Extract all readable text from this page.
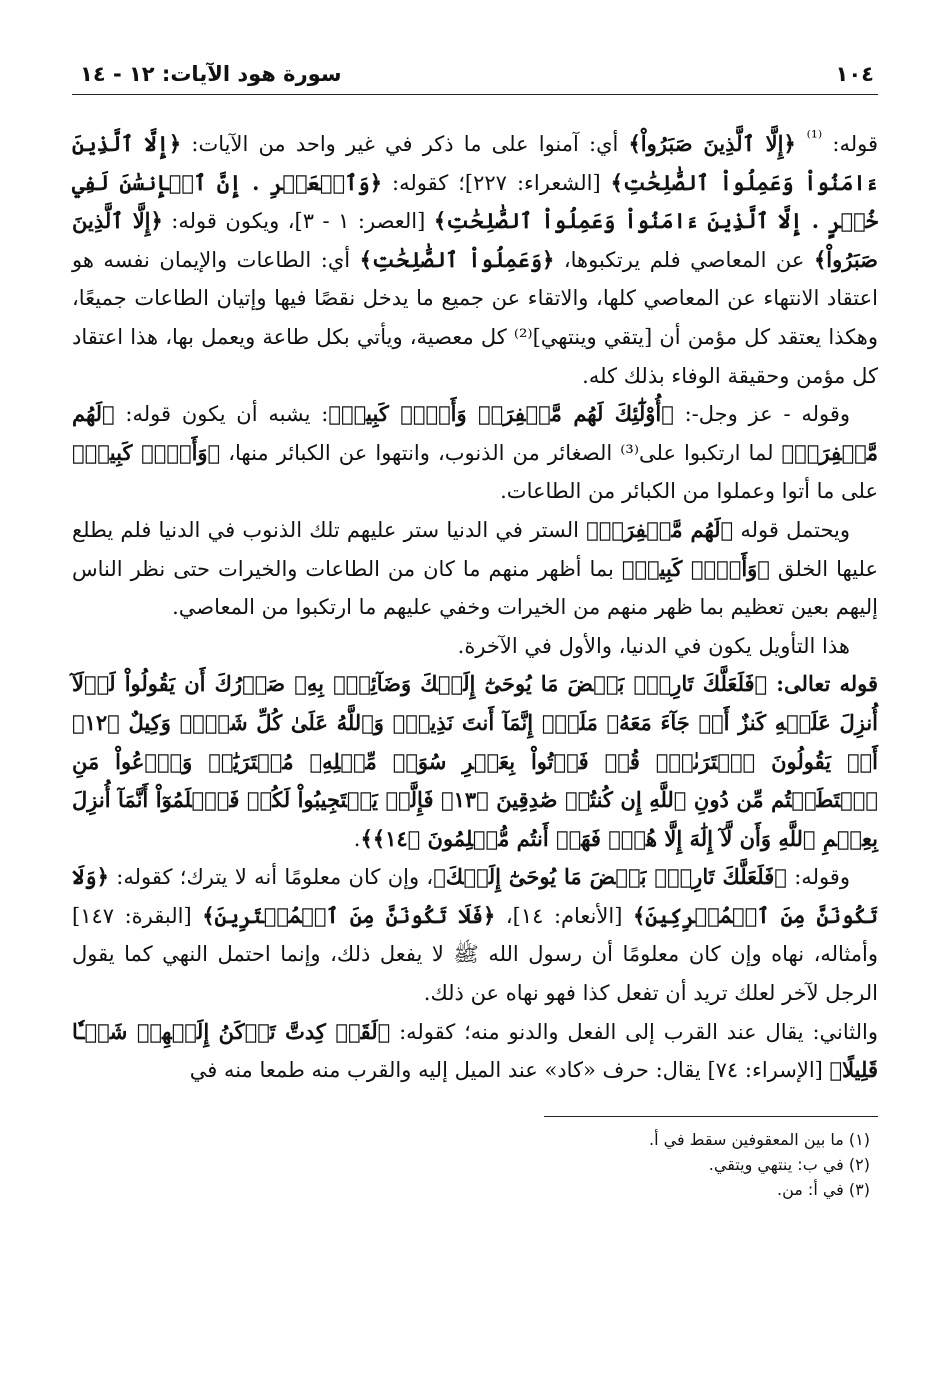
١٠٤
سورة هود الآيات: ١٢ - ١٤

قوله: $^{^{(1)}}$ ﴿إِلَّا ٱلَّذِينَ صَبَرُواْ﴾ أي: آمنوا على ما ذكر في غير واحد من الآيات: ﴿إِلَّا ٱلَّذِينَ ءَامَنُواْ وَعَمِلُواْ ٱلصَّٰلِحَٰتِ﴾ [الشعراء: ٢٢٧]؛ كقوله: ﴿وَٱلۡعَصۡرِ . إِنَّ ٱلۡإِنسَٰنَ لَفِي خُسۡرٍ . إِلَّا ٱلَّذِينَ ءَامَنُواْ وَعَمِلُواْ ٱلصَّٰلِحَٰتِ﴾ [العصر: ١ - ٣]، ويكون قوله: ﴿إِلَّا ٱلَّذِينَ صَبَرُواْ﴾ عن المعاصي فلم يرتكبوها، ﴿وَعَمِلُواْ ٱلصَّٰلِحَٰتِ﴾ أي: الطاعات والإيمان نفسه هو اعتقاد الانتهاء عن المعاصي كلها، والاتقاء عن جميع ما يدخل نقصًا فيها وإتيان الطاعات جميعًا، وهكذا يعتقد كل مؤمن أن [يتقي وينتهي]⁽²⁾ كل معصية، ويأتي بكل طاعة ويعمل بها، هذا اعتقاد كل مؤمن وحقيقة الوفاء بذلك كله.

وقوله - عز وجل-: ﴿أُوْلَٰٓئِكَ لَهُم مَّغۡفِرَةٞ وَأَجۡرٞ كَبِيرٞ﴾: يشبه أن يكون قوله: ﴿لَهُم مَّغۡفِرَةٞ﴾ لما ارتكبوا على⁽³⁾ الصغائر من الذنوب، وانتهوا عن الكبائر منها، ﴿وَأَجۡرٞ كَبِيرٞ﴾ على ما أتوا وعملوا من الكبائر من الطاعات.

ويحتمل قوله ﴿لَهُم مَّغۡفِرَةٞ﴾ الستر في الدنيا ستر عليهم تلك الذنوب في الدنيا فلم يطلع عليها الخلق ﴿وَأَجۡرٞ كَبِيرٞ﴾ بما أظهر منهم ما كان من الطاعات والخيرات حتى نظر الناس إليهم بعين تعظيم بما ظهر منهم من الخيرات وخفي عليهم ما ارتكبوا من المعاصي.

هذا التأويل يكون في الدنيا، والأول في الآخرة.

قوله تعالى: ﴿فَلَعَلَّكَ تَارِكُۢ بَعۡضَ مَا يُوحَىٰٓ إِلَيۡكَ وَضَآئِقُۢ بِهِۦ صَدۡرُكَ أَن يَقُولُواْ لَوۡلَآ أُنزِلَ عَلَيۡهِ كَنزٌ أَوۡ جَآءَ مَعَهُۥ مَلَكٌۚ إِنَّمَآ أَنتَ نَذِيرٞۚ وَٱللَّهُ عَلَىٰ كُلِّ شَيۡءٖ وَكِيلٌ ﴿١٢﴾ أَمۡ يَقُولُونَ ٱفۡتَرَىٰهُۖ قُلۡ فَأۡتُواْ بِعَشۡرِ سُوَرٖ مِّثۡلِهِۦ مُفۡتَرَيَٰتٖ وَٱدۡعُواْ مَنِ ٱسۡتَطَعۡتُم مِّن دُونِ ٱللَّهِ إِن كُنتُمۡ صَٰدِقِينَ ﴿١٣﴾ فَإِلَّمۡ يَسۡتَجِيبُواْ لَكُمۡ فَٱعۡلَمُوٓاْ أَنَّمَآ أُنزِلَ بِعِلۡمِ ٱللَّهِ وَأَن لَّآ إِلَٰهَ إِلَّا هُوَۖ فَهَلۡ أَنتُم مُّسۡلِمُونَ ﴿١٤﴾﴾.

وقوله: ﴿فَلَعَلَّكَ تَارِكُۢ بَعۡضَ مَا يُوحَىٰٓ إِلَيۡكَ﴾، وإن كان معلومًا أنه لا يترك؛ كقوله: ﴿وَلَا تَكُونَنَّ مِنَ ٱلۡمُشۡرِكِينَ﴾ [الأنعام: ١٤]، ﴿فَلَا تَكُونَنَّ مِنَ ٱلۡمُمۡتَرِينَ﴾ [البقرة: ١٤٧] وأمثاله، نهاه وإن كان معلومًا أن رسول الله ﷺ لا يفعل ذلك، وإنما احتمل النهي كما يقول الرجل لآخر لعلك تريد أن تفعل كذا فهو نهاه عن ذلك.

والثاني: يقال عند القرب إلى الفعل والدنو منه؛ كقوله: ﴿لَقَدۡ كِدتَّ تَرۡكَنُ إِلَيۡهِمۡ شَيۡـٔٗا قَلِيلًا﴾ [الإسراء: ٧٤] يقال: حرف «كاد» عند الميل إليه والقرب منه طمعا منه في

(١) ما بين المعقوفين سقط في أ.
(٢) في ب: ينتهي ويتقي.
(٣) في أ: من.
